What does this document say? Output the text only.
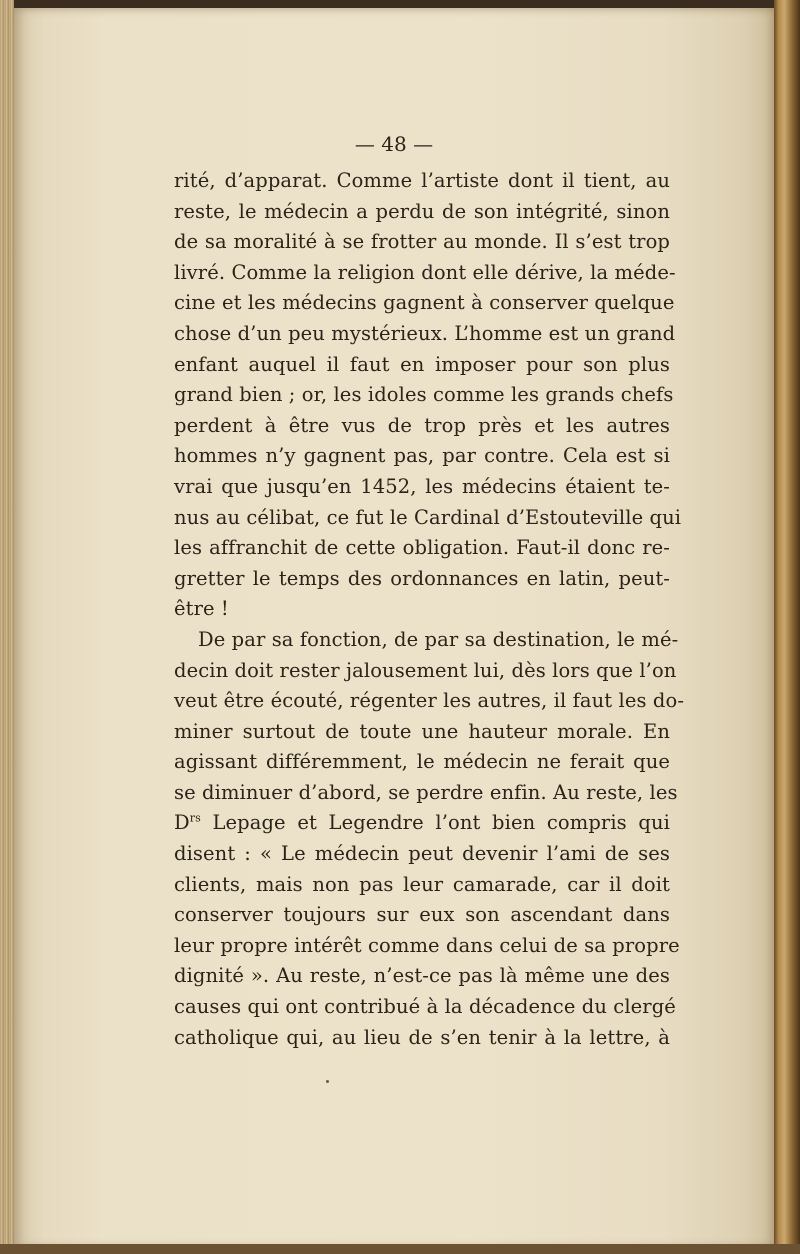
— 48 —
rité, d’apparat. Comme l’artiste dont il tient, au
reste, le médecin a perdu de son intégrité, sinon
de sa moralité à se frotter au monde. Il s’est trop
livré. Comme la religion dont elle dérive, la méde-
cine et les médecins gagnent à conserver quelque
chose d’un peu mystérieux. L’homme est un grand
enfant auquel il faut en imposer pour son plus
grand bien ; or, les idoles comme les grands chefs
perdent à être vus de trop près et les autres
hommes n’y gagnent pas, par contre. Cela est si
vrai que jusqu’en 1452, les médecins étaient te-
nus au célibat, ce fut le Cardinal d’Estouteville qui
les affranchit de cette obligation. Faut-il donc re-
gretter le temps des ordonnances en latin, peut-
être !
De par sa fonction, de par sa destination, le mé-
decin doit rester jalousement lui, dès lors que l’on
veut être écouté, régenter les autres, il faut les do-
miner surtout de toute une hauteur morale. En
agissant différemment, le médecin ne ferait que
se diminuer d’abord, se perdre enfin. Au reste, les
$D^{rs}$ Lepage et Legendre l’ont bien compris qui
disent : « Le médecin peut devenir l’ami de ses
clients, mais non pas leur camarade, car il doit
conserver toujours sur eux son ascendant dans
leur propre intérêt comme dans celui de sa propre
dignité ». Au reste, n’est-ce pas là même une des
causes qui ont contribué à la décadence du clergé
catholique qui, au lieu de s’en tenir à la lettre, à
